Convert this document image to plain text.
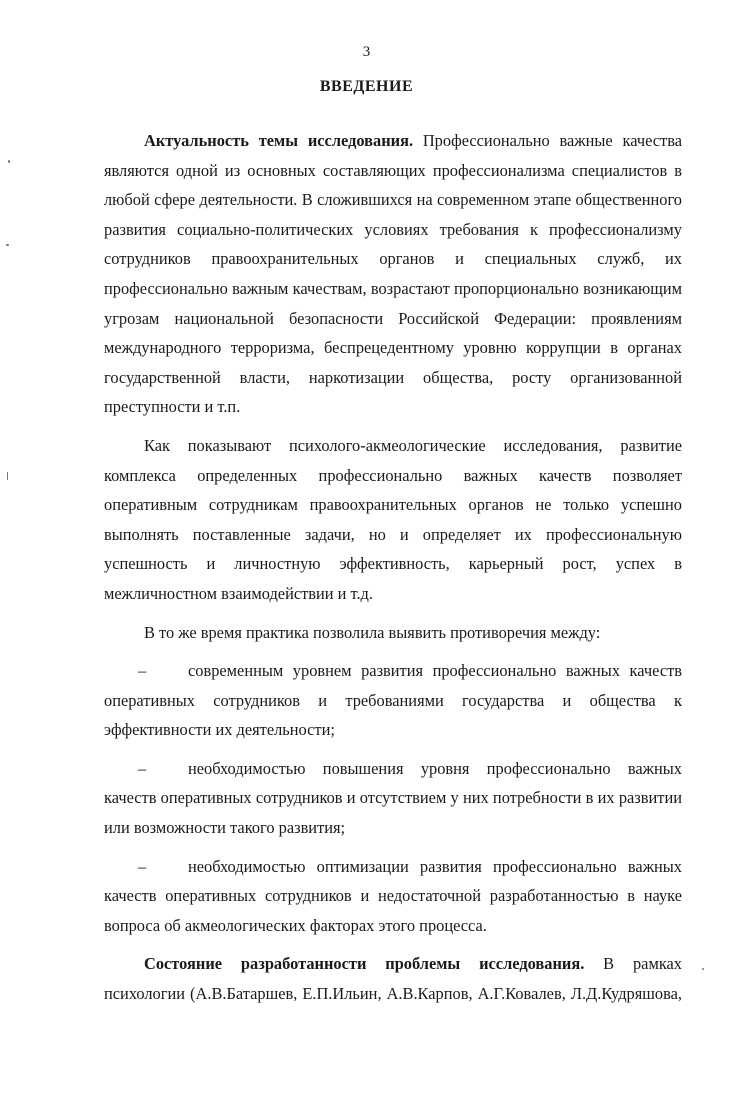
3
ВВЕДЕНИЕ

Актуальность темы исследования. Профессионально важные качества являются одной из основных составляющих профессионализма специалистов в любой сфере деятельности. В сложившихся на современном этапе общественного развития социально-политических условиях требования к профессионализму сотрудников правоохранительных органов и специальных служб, их профессионально важным качествам, возрастают пропорционально возникающим угрозам национальной безопасности Российской Федерации: проявлениям международного терроризма, беспрецедентному уровню коррупции в органах государственной власти, наркотизации общества, росту организованной преступности и т.п.

Как показывают психолого-акмеологические исследования, развитие комплекса определенных профессионально важных качеств позволяет оперативным сотрудникам правоохранительных органов не только успешно выполнять поставленные задачи, но и определяет их профессиональную успешность и личностную эффективность, карьерный рост, успех в межличностном взаимодействии и т.д.

В то же время практика позволила выявить противоречия между:

–	современным уровнем развития профессионально важных качеств оперативных сотрудников и требованиями государства и общества к эффективности их деятельности;

–	необходимостью повышения уровня профессионально важных качеств оперативных сотрудников и отсутствием у них потребности в их развитии или возможности такого развития;

–	необходимостью оптимизации развития профессионально важных качеств оперативных сотрудников и недостаточной разработанностью в науке вопроса об акмеологических факторах этого процесса.

Состояние разработанности проблемы исследования. В рамках психологии (А.В.Батаршев, Е.П.Ильин, А.В.Карпов, А.Г.Ковалев, Л.Д.Кудряшова,
